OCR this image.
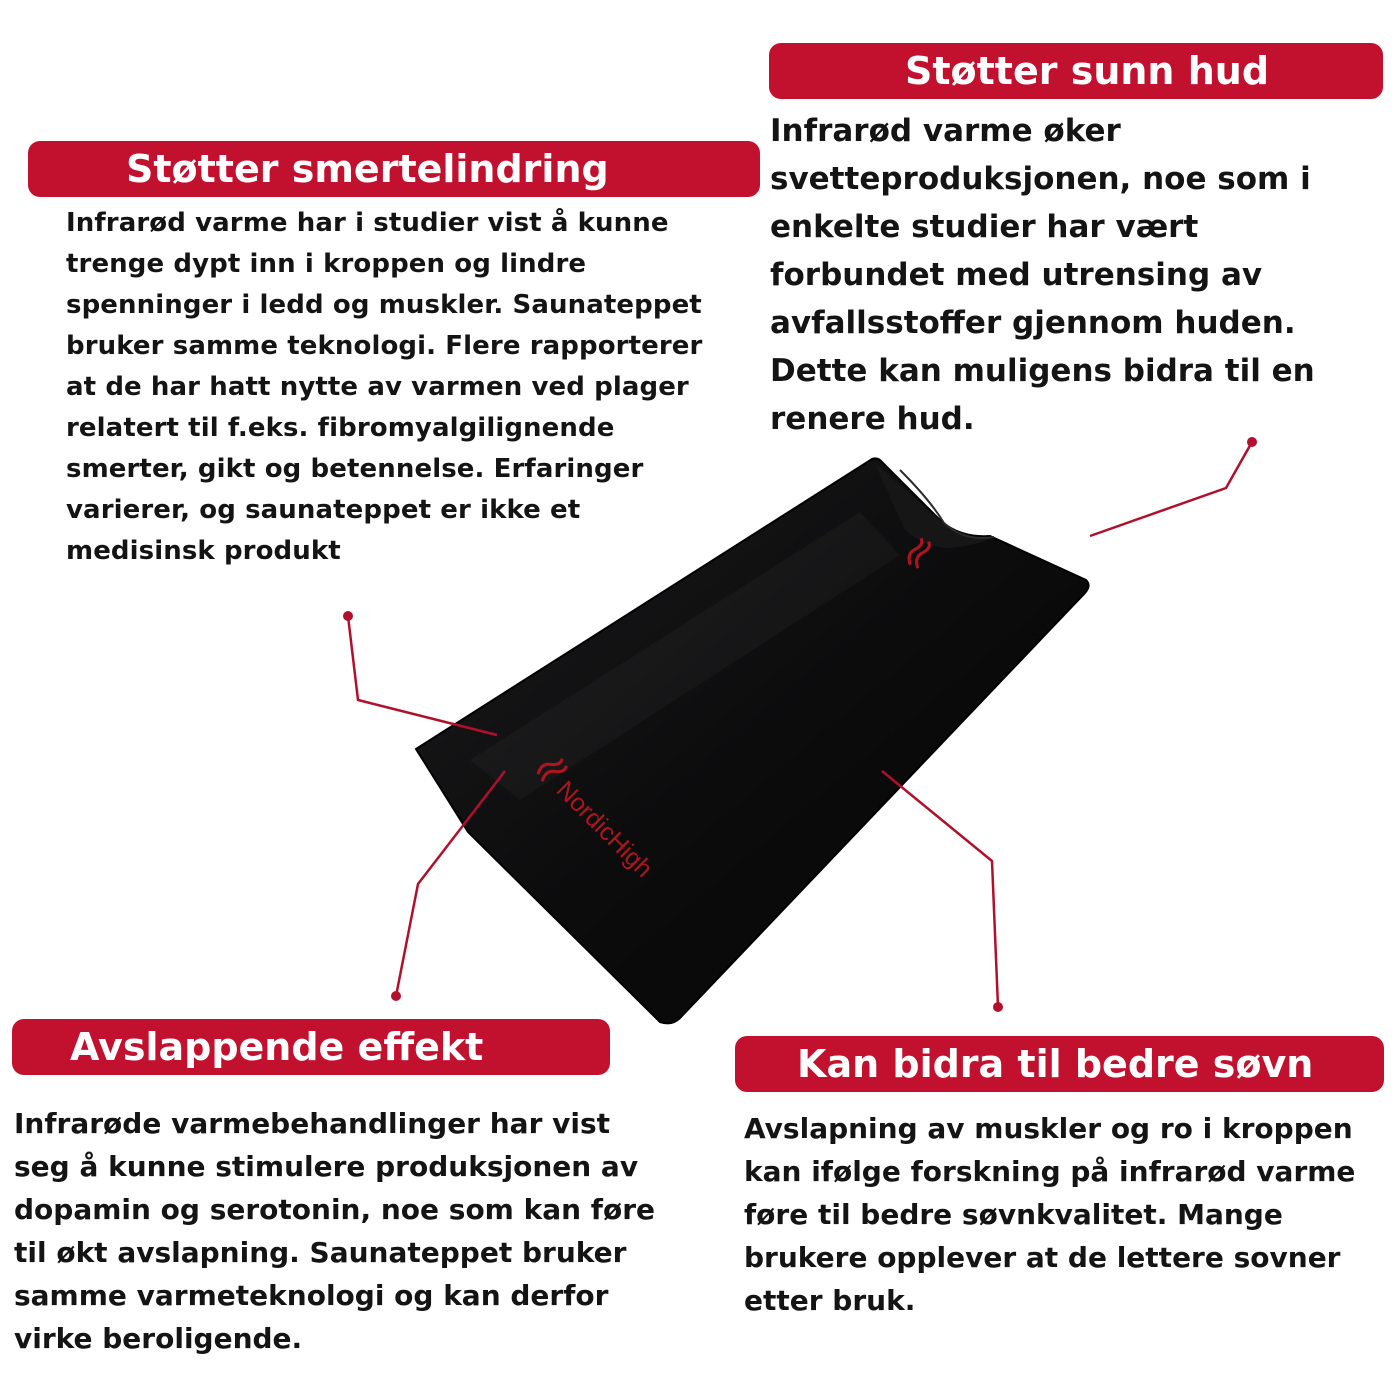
NordicHigh
Støtter smertelindring

Infrarød varme har i studier vist å kunne trenge dypt inn i kroppen og lindre spenninger i ledd og muskler. Saunateppet bruker samme teknologi. Flere rapporterer at de har hatt nytte av varmen ved plager relatert til f.eks. fibromyalgilignende smerter, gikt og betennelse. Erfaringer varierer, og saunateppet er ikke et medisinsk produkt

Støtter sunn hud

Infrarød varme øker svetteproduksjonen, noe som i enkelte studier har vært forbundet med utrensing av avfallsstoffer gjennom huden. Dette kan muligens bidra til en renere hud.

Avslappende effekt

Infrarøde varmebehandlinger har vist seg å kunne stimulere produksjonen av dopamin og serotonin, noe som kan føre til økt avslapning. Saunateppet bruker samme varmeteknologi og kan derfor virke beroligende.

Kan bidra til bedre søvn

Avslapning av muskler og ro i kroppen kan ifølge forskning på infrarød varme føre til bedre søvnkvalitet. Mange brukere opplever at de lettere sovner etter bruk.
